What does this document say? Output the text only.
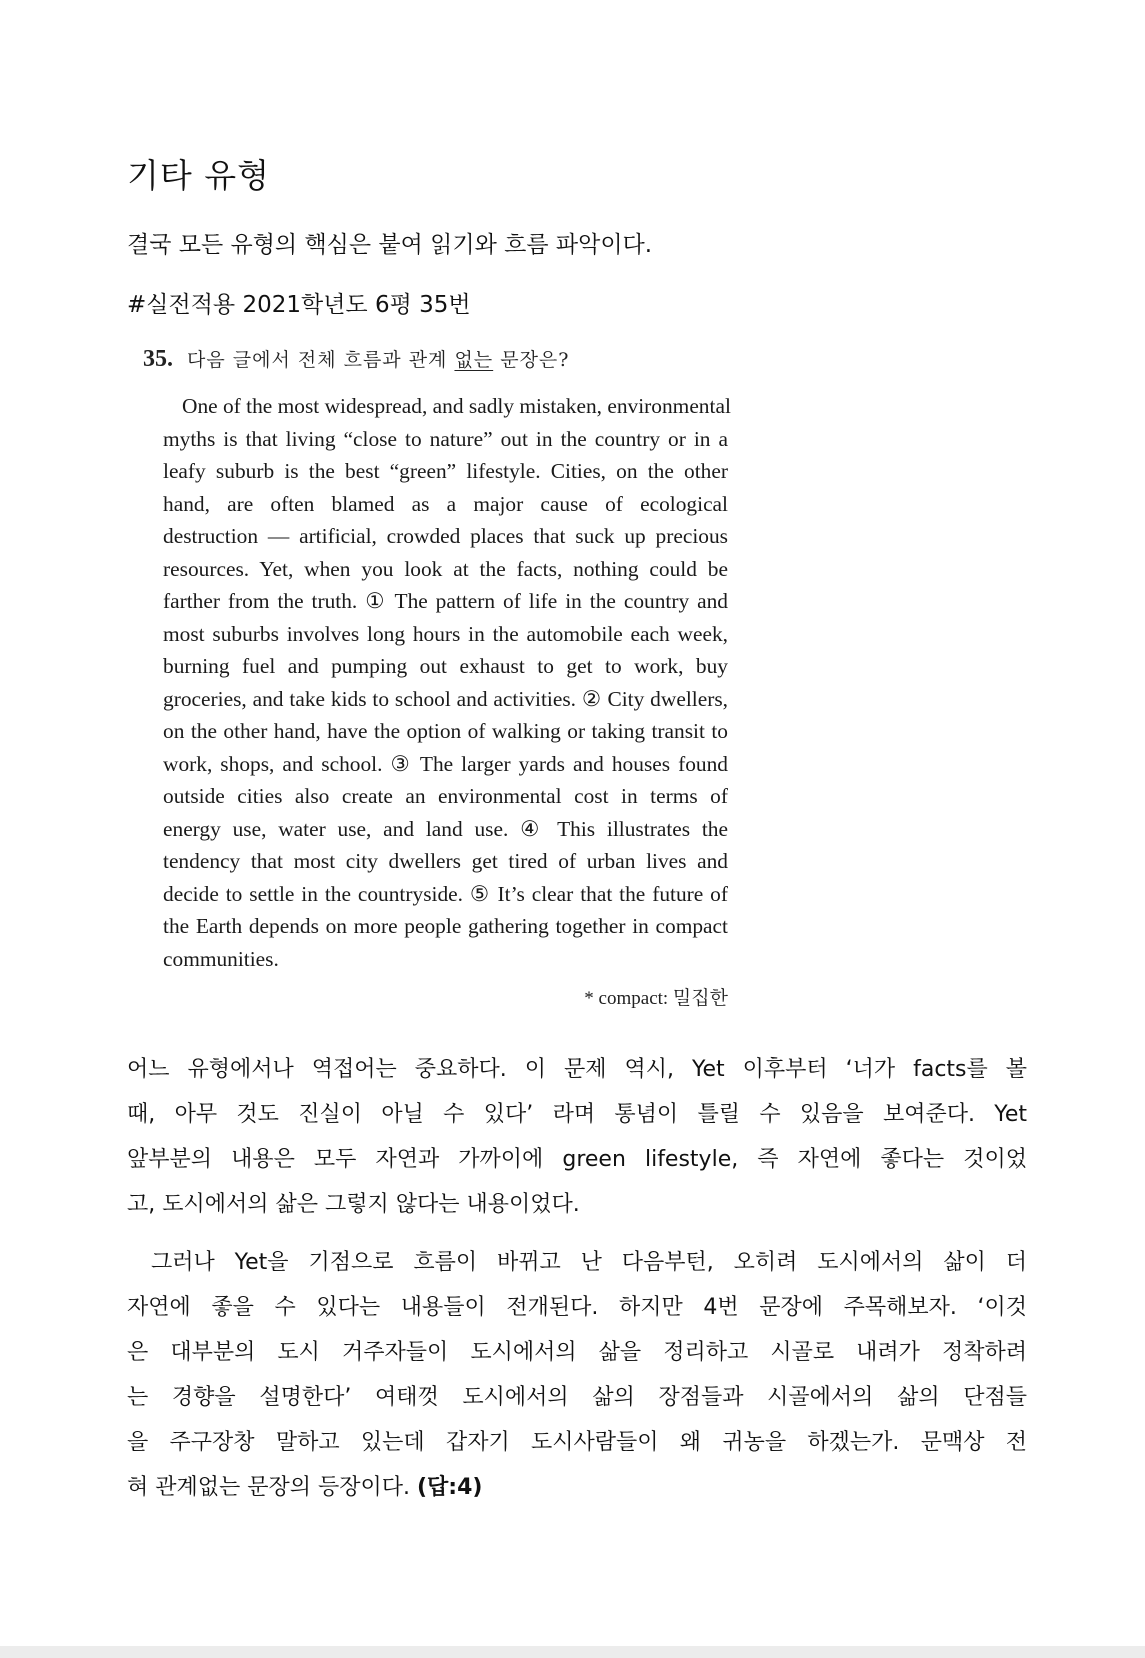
기타 유형

결국 모든 유형의 핵심은 붙여 읽기와 흐름 파악이다.

#실전적용 2021학년도 6평 35번

35. 다음 글에서 전체 흐름과 관계 없는 문장은?
One of the most widespread, and sadly mistaken, environmental
myths is that living “close to nature” out in the country or in a
leafy suburb is the best “green” lifestyle. Cities, on the other
hand, are often blamed as a major cause of ecological
destruction — artificial, crowded places that suck up precious
resources. Yet, when you look at the facts, nothing could be
farther from the truth. ① The pattern of life in the country and
most suburbs involves long hours in the automobile each week,
burning fuel and pumping out exhaust to get to work, buy
groceries, and take kids to school and activities. ② City dwellers,
on the other hand, have the option of walking or taking transit to
work, shops, and school. ③ The larger yards and houses found
outside cities also create an environmental cost in terms of
energy use, water use, and land use. ④ This illustrates the
tendency that most city dwellers get tired of urban lives and
decide to settle in the countryside. ⑤ It’s clear that the future of
the Earth depends on more people gathering together in compact
communities.
* compact: 밀집한
어느 유형에서나 역접어는 중요하다. 이 문제 역시, Yet 이후부터 ‘너가 facts를 볼
때, 아무 것도 진실이 아닐 수 있다’ 라며 통념이 틀릴 수 있음을 보여준다. Yet
앞부분의 내용은 모두 자연과 가까이에 green lifestyle, 즉 자연에 좋다는 것이었
고, 도시에서의 삶은 그렇지 않다는 내용이었다.
그러나 Yet을 기점으로 흐름이 바뀌고 난 다음부턴, 오히려 도시에서의 삶이 더
자연에 좋을 수 있다는 내용들이 전개된다. 하지만 4번 문장에 주목해보자. ‘이것
은 대부분의 도시 거주자들이 도시에서의 삶을 정리하고 시골로 내려가 정착하려
는 경향을 설명한다’ 여태껏 도시에서의 삶의 장점들과 시골에서의 삶의 단점들
을 주구장창 말하고 있는데 갑자기 도시사람들이 왜 귀농을 하겠는가. 문맥상 전
혀 관계없는 문장의 등장이다. (답:4)
